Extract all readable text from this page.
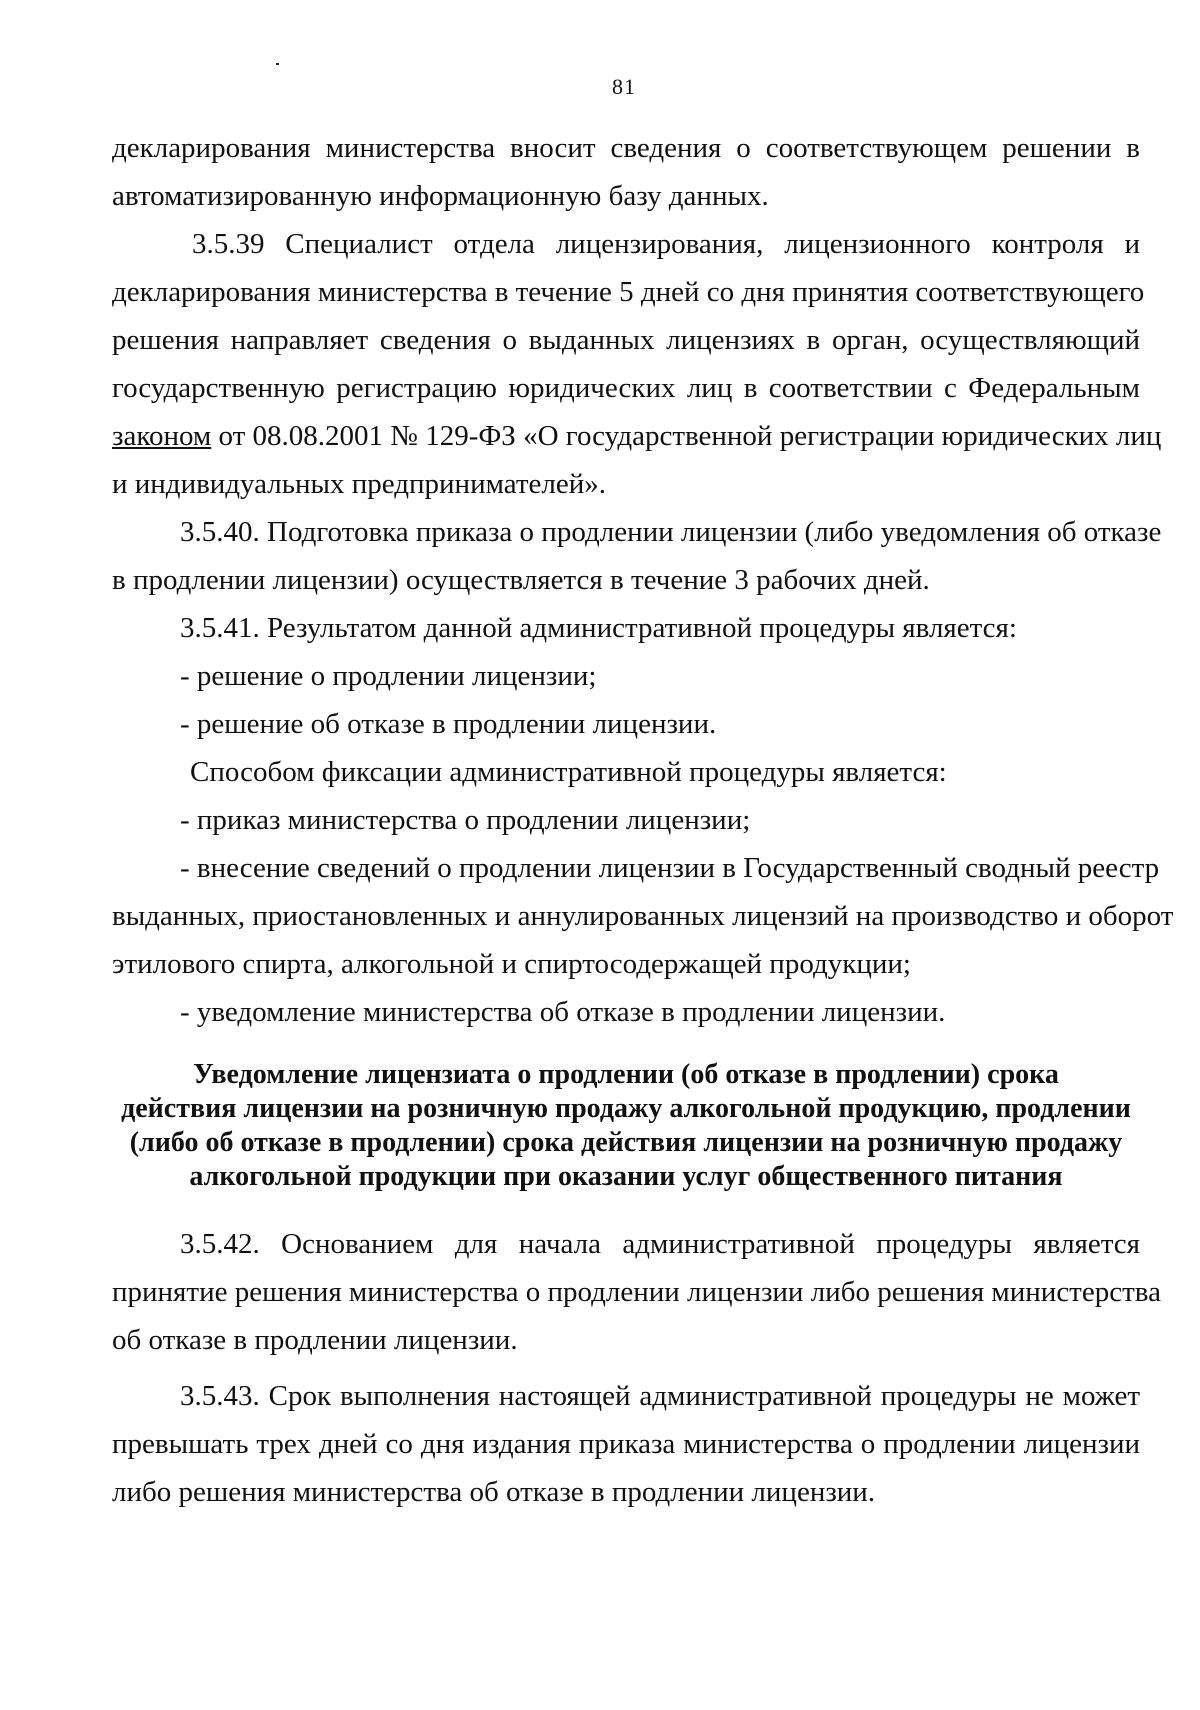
81
декларирования министерства вносит сведения о соответствующем решении в
автоматизированную информационную базу данных.
3.5.39 Специалист отдела лицензирования, лицензионного контроля и
декларирования министерства в течение 5 дней со дня принятия соответствующего
решения направляет сведения о выданных лицензиях в орган, осуществляющий
государственную регистрацию юридических лиц в соответствии с Федеральным
законом от 08.08.2001 № 129-ФЗ «О государственной регистрации юридических лиц
и индивидуальных предпринимателей».
3.5.40. Подготовка приказа о продлении лицензии (либо уведомления об отказе
в продлении лицензии) осуществляется в течение 3 рабочих дней.
3.5.41. Результатом данной административной процедуры является:
- решение о продлении лицензии;
- решение об отказе в продлении лицензии.
Способом фиксации административной процедуры является:
- приказ министерства о продлении лицензии;
- внесение сведений о продлении лицензии в Государственный сводный реестр
выданных, приостановленных и аннулированных лицензий на производство и оборот
этилового спирта, алкогольной и спиртосодержащей продукции;
- уведомление министерства об отказе в продлении лицензии.
Уведомление лицензиата о продлении (об отказе в продлении) срока
действия лицензии на розничную продажу алкогольной продукцию, продлении
(либо об отказе в продлении) срока действия лицензии на розничную продажу
алкогольной продукции при оказании услуг общественного питания
3.5.42. Основанием для начала административной процедуры является
принятие решения министерства о продлении лицензии либо решения министерства
об отказе в продлении лицензии.
3.5.43. Срок выполнения настоящей административной процедуры не может
превышать трех дней со дня издания приказа министерства о продлении лицензии
либо решения министерства об отказе в продлении лицензии.
